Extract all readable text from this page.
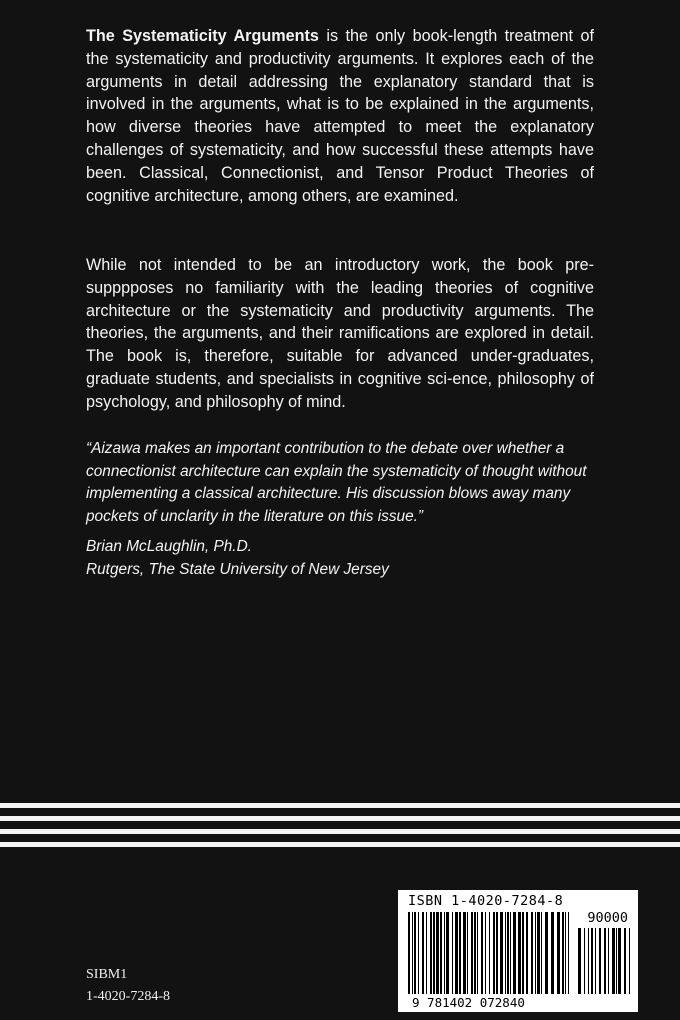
The Systematicity Arguments is the only book-length treatment of the systematicity and productivity arguments. It explores each of the arguments in detail addressing the explanatory standard that is involved in the arguments, what is to be explained in the arguments, how diverse theories have attempted to meet the explanatory challenges of systematicity, and how successful these attempts have been. Classical, Connectionist, and Tensor Product Theories of cognitive architecture, among others, are examined.

While not intended to be an introductory work, the book pre-supppposes no familiarity with the leading theories of cognitive architecture or the systematicity and productivity arguments. The theories, the arguments, and their ramifications are explored in detail. The book is, therefore, suitable for advanced under-graduates, graduate students, and specialists in cognitive sci-ence, philosophy of psychology, and philosophy of mind.

“Aizawa makes an important contribution to the debate over whether a connectionist architecture can explain the systematicity of thought without implementing a classical architecture. His discussion blows away many pockets of unclarity in the literature on this issue.”

Brian McLaughlin, Ph.D.
Rutgers, The State University of New Jersey

ISBN 1-4020-7284-8
90000
9 781402 072840
SIBM1
1-4020-7284-8
